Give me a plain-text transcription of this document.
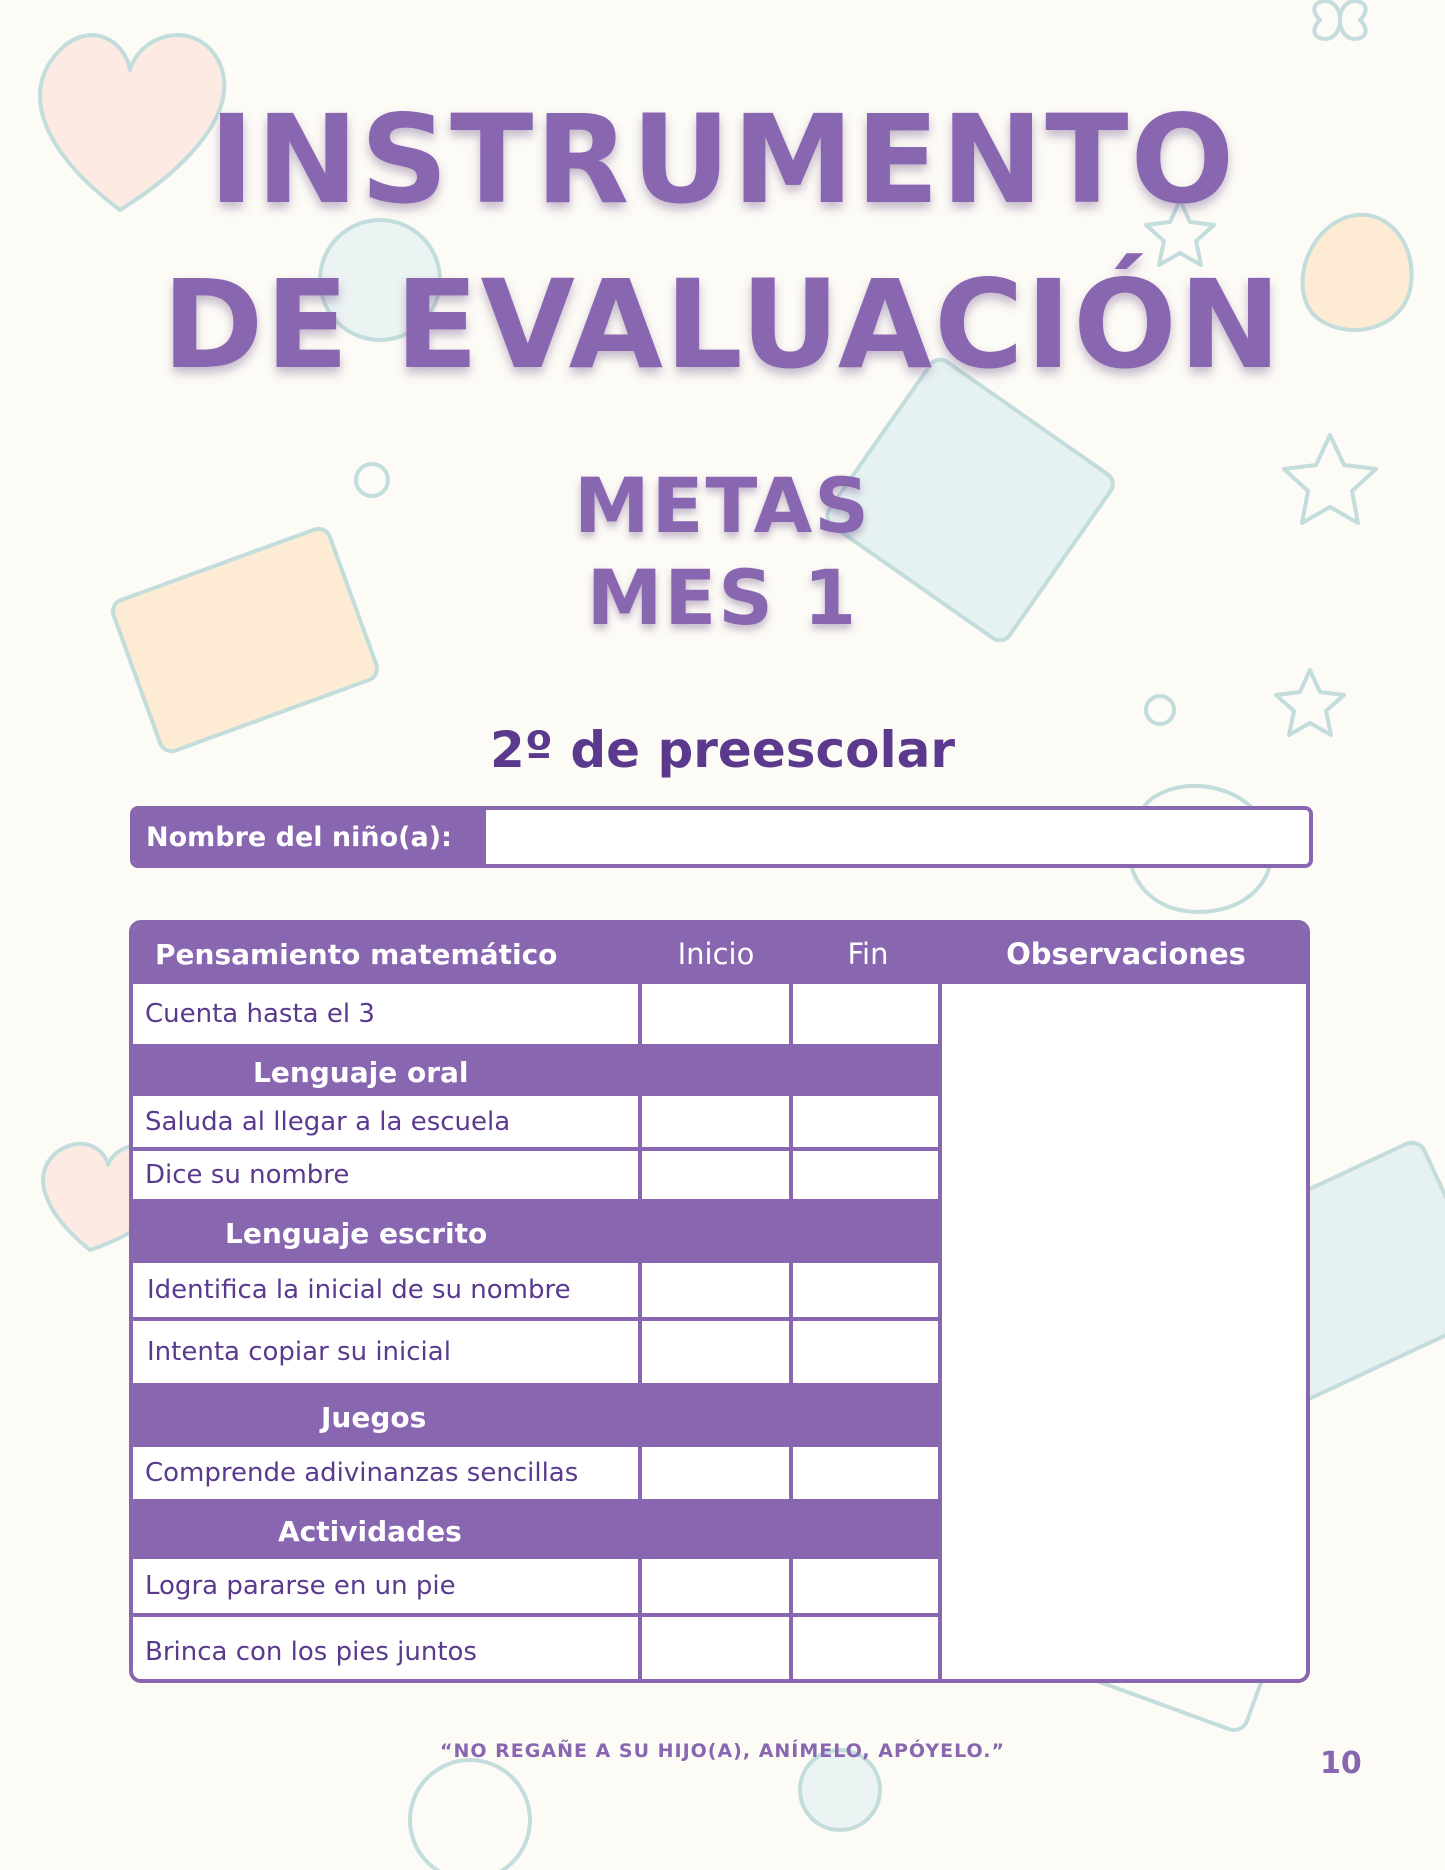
INSTRUMENTO
DE EVALUACIÓN
METAS
MES 1
2º de preescolar
Nombre del niño(a):
Pensamiento matemático	Inicio	Fin	Observaciones
Cuenta hasta el 3
Lenguaje oral
Saluda al llegar a la escuela
Dice su nombre
Lenguaje escrito
Identifica la inicial de su nombre
Intenta copiar su inicial
Juegos
Comprende adivinanzas sencillas
Actividades
Logra pararse en un pie
Brinca con los pies juntos
“NO REGAÑE A SU HIJO(A), ANÍMELO, APÓYELO.”	10
